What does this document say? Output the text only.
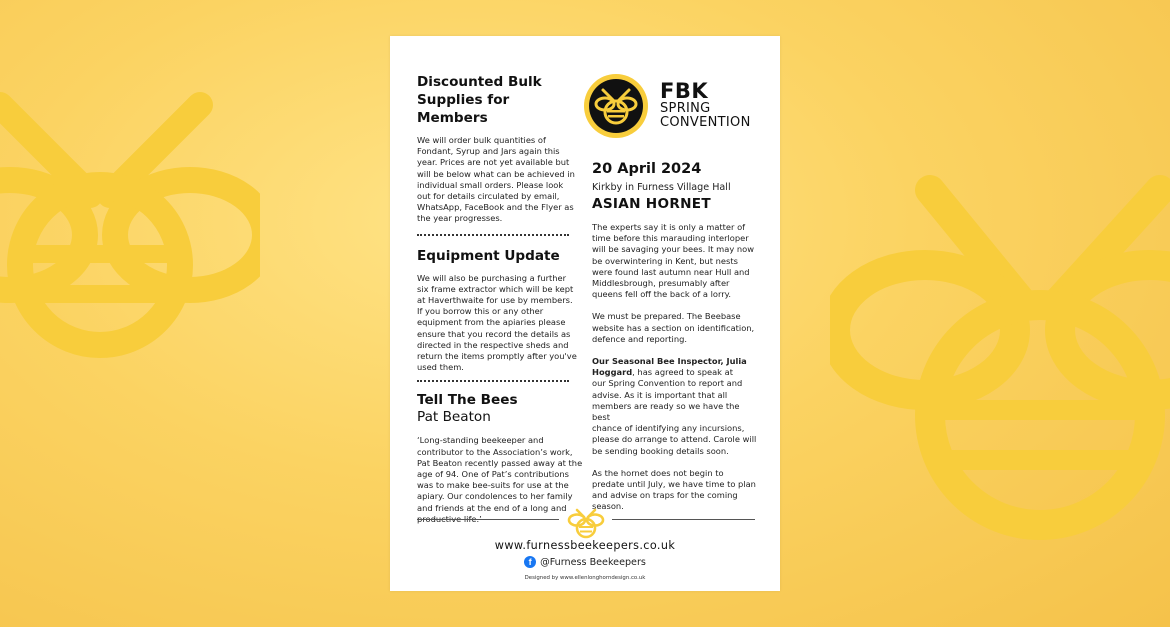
Discounted Bulk
Supplies for Members
We will order bulk quantities of
Fondant, Syrup and Jars again this
year. Prices are not yet available but
will be below what can be achieved in
individual small orders. Please look
out for details circulated by email,
WhatsApp, FaceBook and the Flyer as
the year progresses.
Equipment Update
We will also be purchasing a further
six frame extractor which will be kept
at Haverthwaite for use by members.
If you borrow this or any other
equipment from the apiaries please
ensure that you record the details as
directed in the respective sheds and
return the items promptly after you've
used them.
Tell The Bees
Pat Beaton
‘Long-standing beekeeper and
contributor to the Association’s work,
Pat Beaton recently passed away at the
age of 94. One of Pat’s contributions
was to make bee-suits for use at the
apiary. Our condolences to her family
and friends at the end of a long and
productive life.’
FBK
SPRING
CONVENTION
20 April 2024
Kirkby in Furness Village Hall
ASIAN HORNET
The experts say it is only a matter of
time before this marauding interloper
will be savaging your bees. It may now
be overwintering in Kent, but nests
were found last autumn near Hull and
Middlesbrough, presumably after
queens fell off the back of a lorry.
We must be prepared. The Beebase
website has a section on identification,
defence and reporting.
Our Seasonal Bee Inspector, Julia
Hoggard, has agreed to speak at
our Spring Convention to report and
advise. As it is important that all
members are ready so we have the best
chance of identifying any incursions,
please do arrange to attend. Carole will
be sending booking details soon.
As the hornet does not begin to
predate until July, we have time to plan
and advise on traps for the coming
season.
www.furnessbeekeepers.co.uk
f @Furness Beekeepers
Designed by www.ellenlonghorndesign.co.uk
